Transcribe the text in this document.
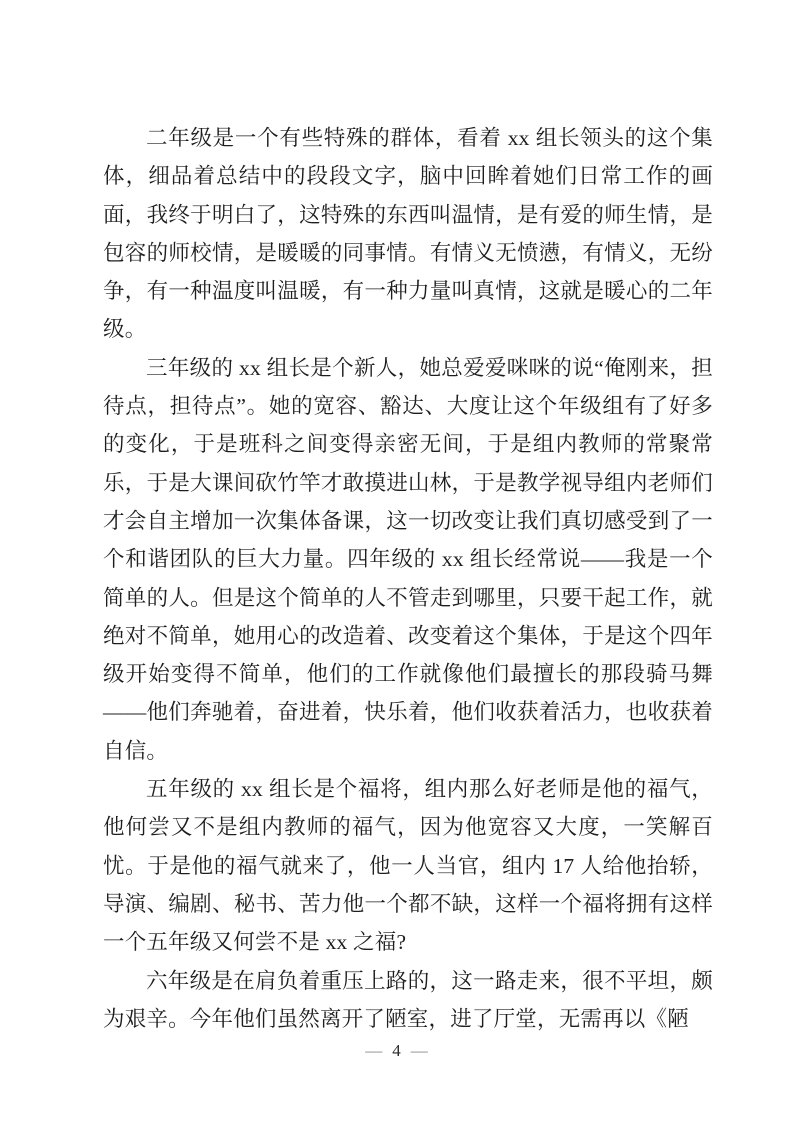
二年级是一个有些特殊的群体，看着 xx 组长领头的这个集体，细品着总结中的段段文字，脑中回眸着她们日常工作的画面，我终于明白了，这特殊的东西叫温情，是有爱的师生情，是包容的师校情，是暖暖的同事情。有情义无愤懑，有情义，无纷争，有一种温度叫温暖，有一种力量叫真情，这就是暖心的二年级。

三年级的 xx 组长是个新人，她总爱爱咪咪的说“俺刚来，担待点，担待点”。她的宽容、豁达、大度让这个年级组有了好多的变化，于是班科之间变得亲密无间，于是组内教师的常聚常乐，于是大课间砍竹竿才敢摸进山林，于是教学视导组内老师们才会自主增加一次集体备课，这一切改变让我们真切感受到了一个和谐团队的巨大力量。四年级的 xx 组长经常说——我是一个简单的人。但是这个简单的人不管走到哪里，只要干起工作，就绝对不简单，她用心的改造着、改变着这个集体，于是这个四年级开始变得不简单，他们的工作就像他们最擅长的那段骑马舞——他们奔驰着，奋进着，快乐着，他们收获着活力，也收获着自信。

五年级的 xx 组长是个福将，组内那么好老师是他的福气，他何尝又不是组内教师的福气，因为他宽容又大度，一笑解百忧。于是他的福气就来了，他一人当官，组内 17 人给他抬轿，导演、编剧、秘书、苦力他一个都不缺，这样一个福将拥有这样一个五年级又何尝不是 xx 之福?

六年级是在肩负着重压上路的，这一路走来，很不平坦，颇为艰辛。今年他们虽然离开了陋室，进了厅堂，无需再以《陋

— 4 —
